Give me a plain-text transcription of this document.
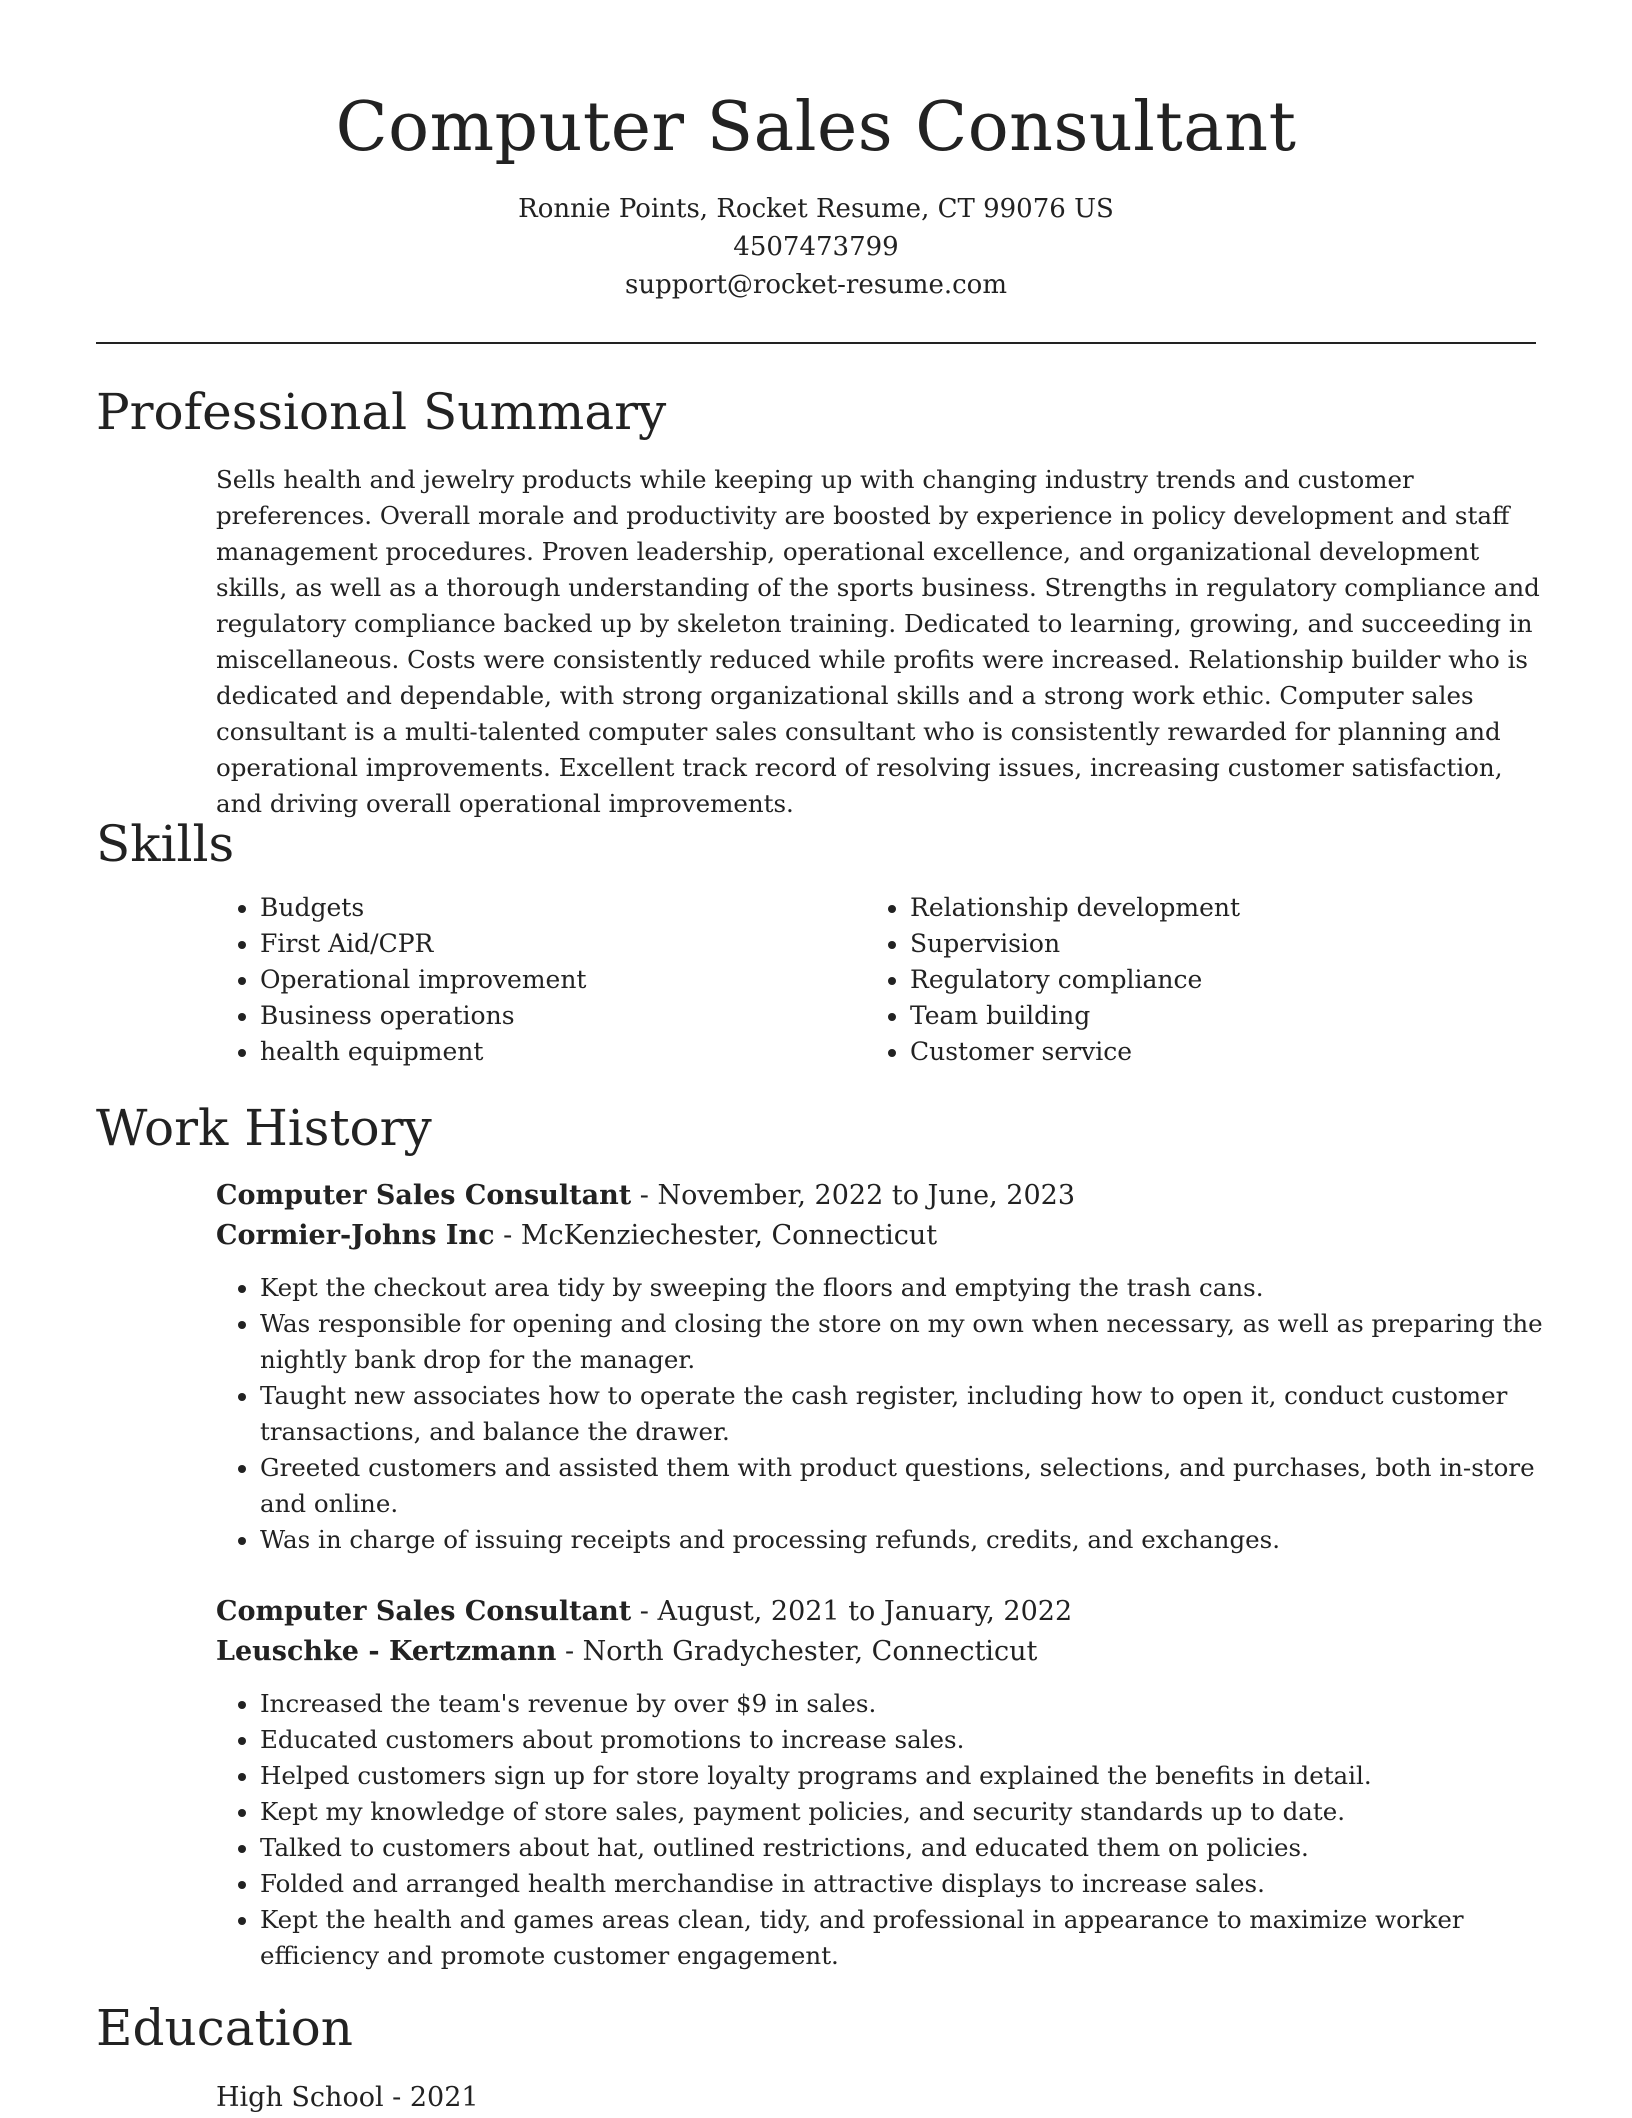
Computer Sales Consultant
Ronnie Points, Rocket Resume, CT 99076 US
4507473799
support@rocket-resume.com
Professional Summary
Sells health and jewelry products while keeping up with changing industry trends and customer preferences. Overall morale and productivity are boosted by experience in policy development and staff management procedures. Proven leadership, operational excellence, and organizational development skills, as well as a thorough understanding of the sports business. Strengths in regulatory compliance and regulatory compliance backed up by skeleton training. Dedicated to learning, growing, and succeeding in miscellaneous. Costs were consistently reduced while profits were increased. Relationship builder who is dedicated and dependable, with strong organizational skills and a strong work ethic. Computer sales consultant is a multi-talented computer sales consultant who is consistently rewarded for planning and operational improvements. Excellent track record of resolving issues, increasing customer satisfaction, and driving overall operational improvements.
Skills
• Budgets
• First Aid/CPR
• Operational improvement
• Business operations
• health equipment
• Relationship development
• Supervision
• Regulatory compliance
• Team building
• Customer service
Work History
Computer Sales Consultant - November, 2022 to June, 2023
Cormier-Johns Inc - McKenziechester, Connecticut
• Kept the checkout area tidy by sweeping the floors and emptying the trash cans.
• Was responsible for opening and closing the store on my own when necessary, as well as preparing the nightly bank drop for the manager.
• Taught new associates how to operate the cash register, including how to open it, conduct customer transactions, and balance the drawer.
• Greeted customers and assisted them with product questions, selections, and purchases, both in-store and online.
• Was in charge of issuing receipts and processing refunds, credits, and exchanges.
Computer Sales Consultant - August, 2021 to January, 2022
Leuschke - Kertzmann - North Gradychester, Connecticut
• Increased the team's revenue by over $9 in sales.
• Educated customers about promotions to increase sales.
• Helped customers sign up for store loyalty programs and explained the benefits in detail.
• Kept my knowledge of store sales, payment policies, and security standards up to date.
• Talked to customers about hat, outlined restrictions, and educated them on policies.
• Folded and arranged health merchandise in attractive displays to increase sales.
• Kept the health and games areas clean, tidy, and professional in appearance to maximize worker efficiency and promote customer engagement.
Education
High School - 2021
